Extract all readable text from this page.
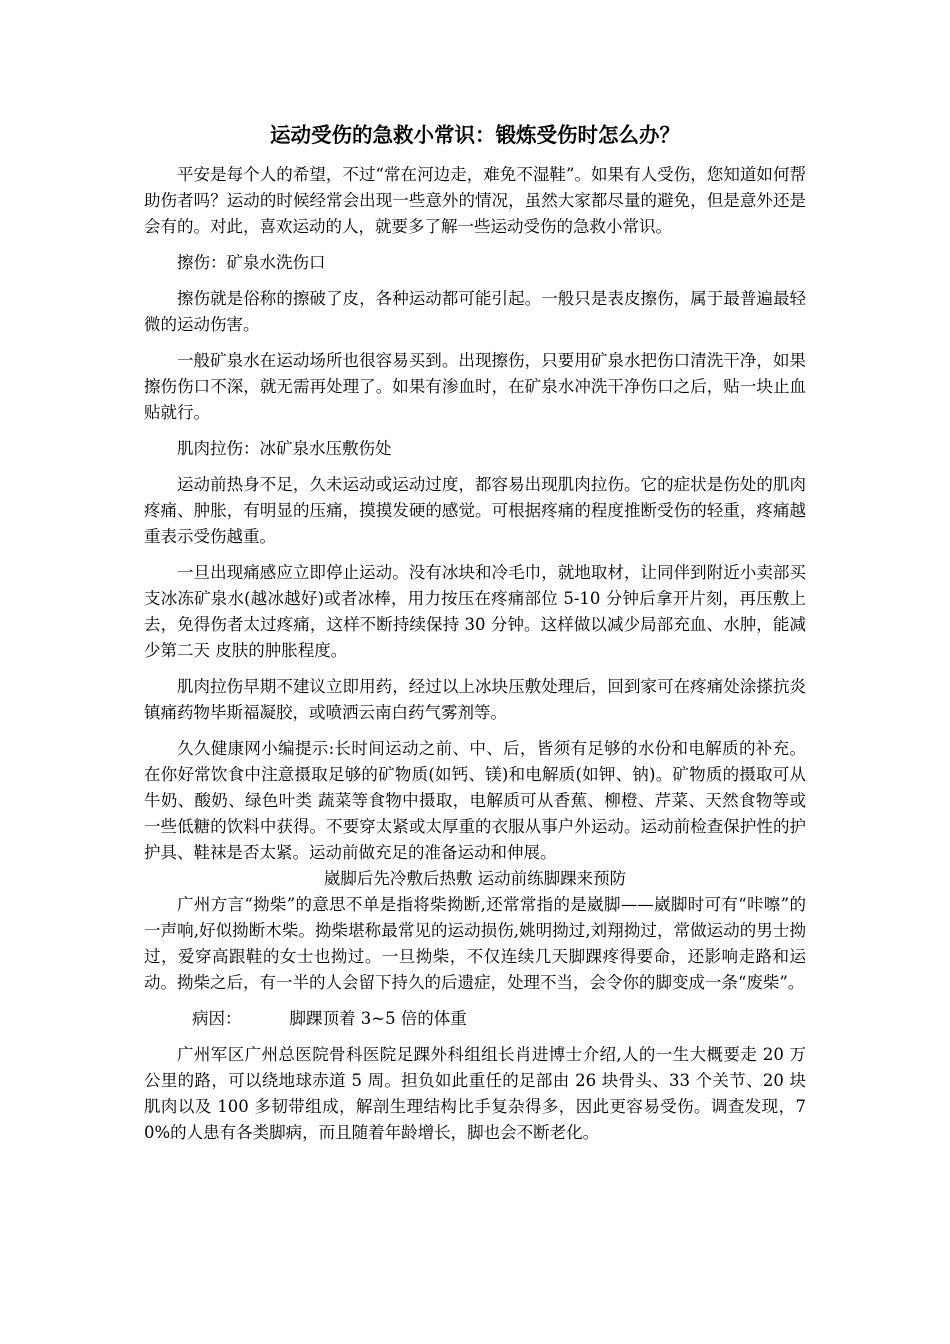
运动受伤的急救小常识：锻炼受伤时怎么办？

平安是每个人的希望，不过“常在河边走，难免不湿鞋”。如果有人受伤，您知道如何帮助伤者吗？运动的时候经常会出现一些意外的情况，虽然大家都尽量的避免，但是意外还是会有的。对此，喜欢运动的人，就要多了解一些运动受伤的急救小常识。

擦伤：矿泉水洗伤口

擦伤就是俗称的擦破了皮，各种运动都可能引起。一般只是表皮擦伤，属于最普遍最轻微的运动伤害。

一般矿泉水在运动场所也很容易买到。出现擦伤，只要用矿泉水把伤口清洗干净，如果擦伤伤口不深，就无需再处理了。如果有渗血时，在矿泉水冲洗干净伤口之后，贴一块止血贴就行。

肌肉拉伤：冰矿泉水压敷伤处

运动前热身不足，久未运动或运动过度，都容易出现肌肉拉伤。它的症状是伤处的肌肉疼痛、肿胀，有明显的压痛，摸摸发硬的感觉。可根据疼痛的程度推断受伤的轻重，疼痛越重表示受伤越重。

一旦出现痛感应立即停止运动。没有冰块和冷毛巾，就地取材，让同伴到附近小卖部买支冰冻矿泉水(越冰越好)或者冰棒，用力按压在疼痛部位 5-10 分钟后拿开片刻，再压敷上去，免得伤者太过疼痛，这样不断持续保持 30 分钟。这样做以减少局部充血、水肿，能减少第二天 皮肤的肿胀程度。

肌肉拉伤早期不建议立即用药，经过以上冰块压敷处理后，回到家可在疼痛处涂搽抗炎镇痛药物毕斯福凝胶，或喷洒云南白药气雾剂等。

久久健康网小编提示:长时间运动之前、中、后，皆须有足够的水份和电解质的补充。在你好常饮食中注意摄取足够的矿物质(如钙、镁)和电解质(如钾、钠)。矿物质的摄取可从牛奶、酸奶、绿色叶类 蔬菜等食物中摄取，电解质可从香蕉、柳橙、芹菜、天然食物等或一些低糖的饮料中获得。不要穿太紧或太厚重的衣服从事户外运动。运动前检查保护性的护护具、鞋袜是否太紧。运动前做充足的准备运动和伸展。

崴脚后先冷敷后热敷 运动前练脚踝来预防

广州方言“拗柴”的意思不单是指将柴拗断,还常常指的是崴脚——崴脚时可有“咔嚓”的一声响,好似拗断木柴。拗柴堪称最常见的运动损伤,姚明拗过,刘翔拗过，常做运动的男士拗过，爱穿高跟鞋的女士也拗过。一旦拗柴，不仅连续几天脚踝疼得要命，还影响走路和运动。拗柴之后，有一半的人会留下持久的后遗症，处理不当，会令你的脚变成一条“废柴”。

病因：	脚踝顶着 3~5 倍的体重

广州军区广州总医院骨科医院足踝外科组组长肖进博士介绍,人的一生大概要走 20 万公里的路，可以绕地球赤道 5 周。担负如此重任的足部由 26 块骨头、33 个关节、20 块肌肉以及 100 多韧带组成，解剖生理结构比手复杂得多，因此更容易受伤。调查发现，70%的人患有各类脚病，而且随着年龄增长，脚也会不断老化。
